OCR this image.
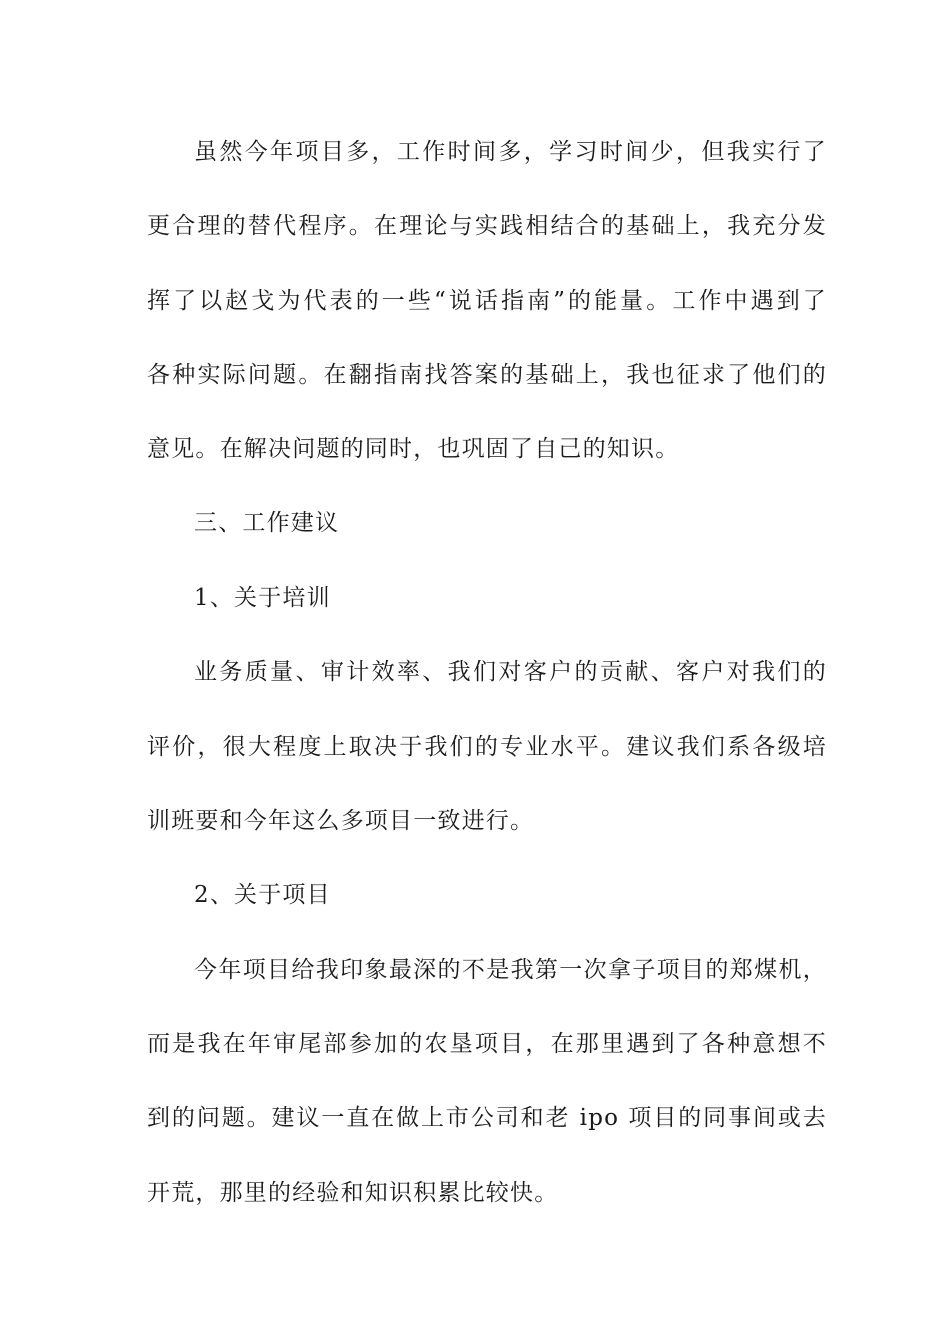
虽然今年项目多，工作时间多，学习时间少，但我实行了
更合理的替代程序。在理论与实践相结合的基础上，我充分发
挥了以赵戈为代表的一些“说话指南”的能量。工作中遇到了
各种实际问题。在翻指南找答案的基础上，我也征求了他们的
意见。在解决问题的同时，也巩固了自己的知识。
三、工作建议
1、关于培训
业务质量、审计效率、我们对客户的贡献、客户对我们的
评价，很大程度上取决于我们的专业水平。建议我们系各级培
训班要和今年这么多项目一致进行。
2、关于项目
今年项目给我印象最深的不是我第一次拿子项目的郑煤机，
而是我在年审尾部参加的农垦项目，在那里遇到了各种意想不
到的问题。建议一直在做上市公司和老 ipo 项目的同事间或去
开荒，那里的经验和知识积累比较快。
